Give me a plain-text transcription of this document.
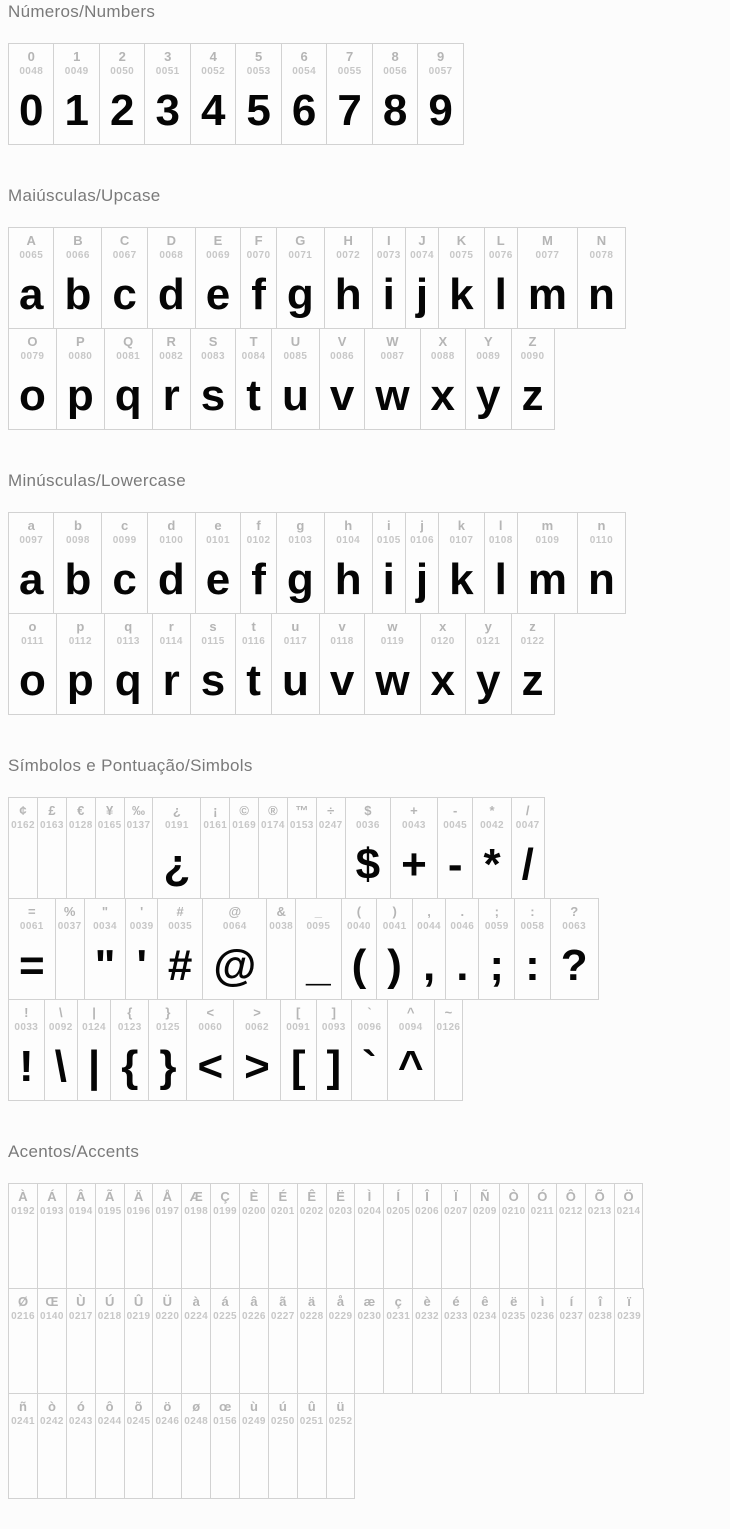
Números/Numbers
0
0048
0
1
0049
1
2
0050
2
3
0051
3
4
0052
4
5
0053
5
6
0054
6
7
0055
7
8
0056
8
9
0057
9
Maiúsculas/Upcase
A
0065
a
B
0066
b
C
0067
c
D
0068
d
E
0069
e
F
0070
f
G
0071
g
H
0072
h
I
0073
i
J
0074
j
K
0075
k
L
0076
l
M
0077
m
N
0078
n
O
0079
o
P
0080
p
Q
0081
q
R
0082
r
S
0083
s
T
0084
t
U
0085
u
V
0086
v
W
0087
w
X
0088
x
Y
0089
y
Z
0090
z
Minúsculas/Lowercase
a
0097
a
b
0098
b
c
0099
c
d
0100
d
e
0101
e
f
0102
f
g
0103
g
h
0104
h
i
0105
i
j
0106
j
k
0107
k
l
0108
l
m
0109
m
n
0110
n
o
0111
o
p
0112
p
q
0113
q
r
0114
r
s
0115
s
t
0116
t
u
0117
u
v
0118
v
w
0119
w
x
0120
x
y
0121
y
z
0122
z
Símbolos e Pontuação/Simbols
¢
0162
£
0163
€
0128
¥
0165
‰
0137
¿
0191
¿
¡
0161
©
0169
®
0174
™
0153
÷
0247
$
0036
$
+
0043
+
-
0045
-
*
0042
*
/
0047
/
=
0061
=
%
0037
"
0034
"
'
0039
'
#
0035
#
@
0064
@
&
0038
_
0095
_
(
0040
(
)
0041
)
,
0044
,
.
0046
.
;
0059
;
:
0058
:
?
0063
?
!
0033
!
\
0092
\
|
0124
|
{
0123
{
}
0125
}
<
0060
<
>
0062
>
[
0091
[
]
0093
]
`
0096
`
^
0094
^
~
0126
Acentos/Accents
À
0192
Á
0193
Â
0194
Ã
0195
Ä
0196
Å
0197
Æ
0198
Ç
0199
È
0200
É
0201
Ê
0202
Ë
0203
Ì
0204
Í
0205
Î
0206
Ï
0207
Ñ
0209
Ò
0210
Ó
0211
Ô
0212
Õ
0213
Ö
0214
Ø
0216
Œ
0140
Ù
0217
Ú
0218
Û
0219
Ü
0220
à
0224
á
0225
â
0226
ã
0227
ä
0228
å
0229
æ
0230
ç
0231
è
0232
é
0233
ê
0234
ë
0235
ì
0236
í
0237
î
0238
ï
0239
ñ
0241
ò
0242
ó
0243
ô
0244
õ
0245
ö
0246
ø
0248
œ
0156
ù
0249
ú
0250
û
0251
ü
0252
